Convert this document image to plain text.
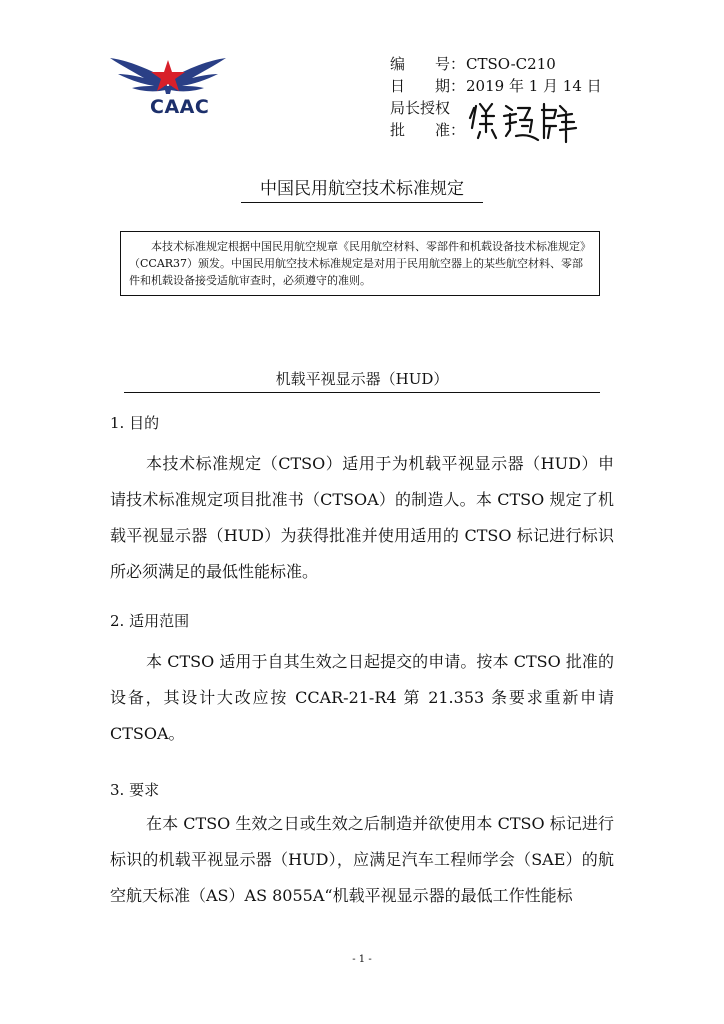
CAAC
编　　号：CTSO-C210
日　　期：2019 年 1 月 14 日
局长授权
批　　准：
中国民用航空技术标准规定
本技术标准规定根据中国民用航空规章《民用航空材料、零部件和机载设备技术标准规定》（CCAR37）颁发。中国民用航空技术标准规定是对用于民用航空器上的某些航空材料、零部件和机载设备接受适航审查时，必须遵守的准则。
机载平视显示器（HUD）
1. 目的
本技术标准规定（CTSO）适用于为机载平视显示器（HUD）申请技术标准规定项目批准书（CTSOA）的制造人。本 CTSO 规定了机载平视显示器（HUD）为获得批准并使用适用的 CTSO 标记进行标识所必须满足的最低性能标准。
2. 适用范围
本 CTSO 适用于自其生效之日起提交的申请。按本 CTSO 批准的设备，其设计大改应按 CCAR-21-R4 第 21.353 条要求重新申请 CTSOA。
3. 要求
在本 CTSO 生效之日或生效之后制造并欲使用本 CTSO 标记进行标识的机载平视显示器（HUD），应满足汽车工程师学会（SAE）的航空航天标准（AS）AS 8055A“机载平视显示器的最低工作性能标
- 1 -
